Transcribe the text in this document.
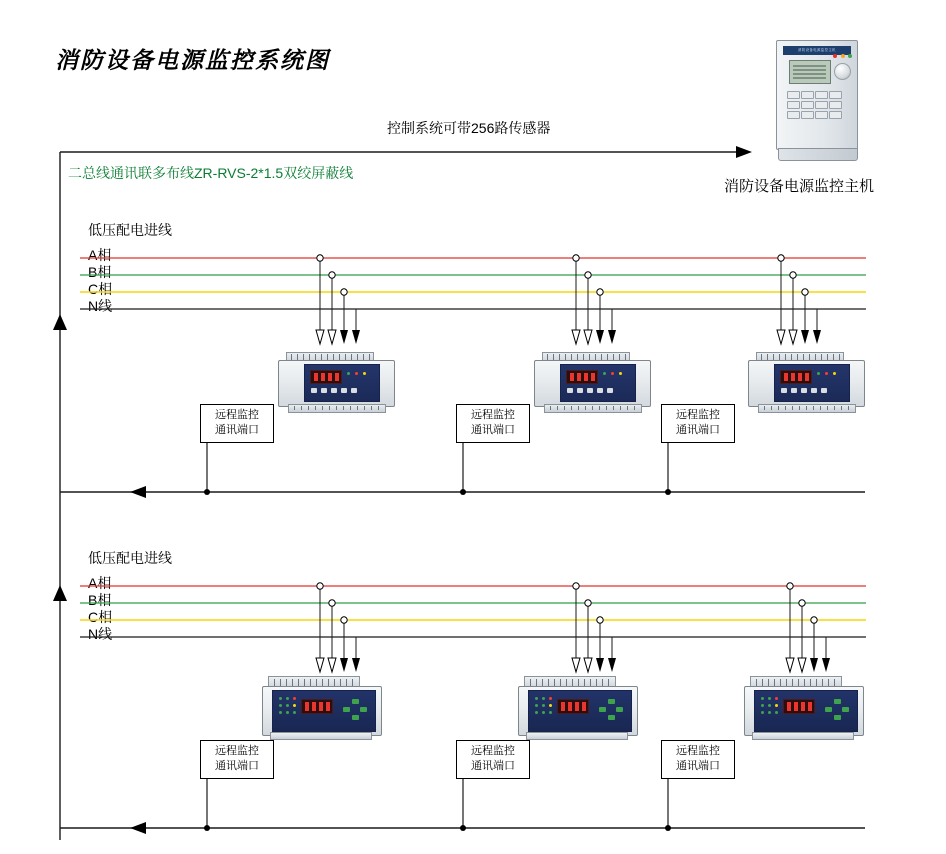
消防设备电源监控系统图	消防设备电源监控主机
消防设备电源监控主机
控制系统可带256路传感器
二总线通讯联多布线ZR-RVS-2*1.5双绞屏蔽线
低压配电进线
A相
B相
C相
N线
低压配电进线
A相
B相
C相
N线
远程监控
通讯端口
远程监控
通讯端口
远程监控
通讯端口
远程监控
通讯端口
远程监控
通讯端口
远程监控
通讯端口
